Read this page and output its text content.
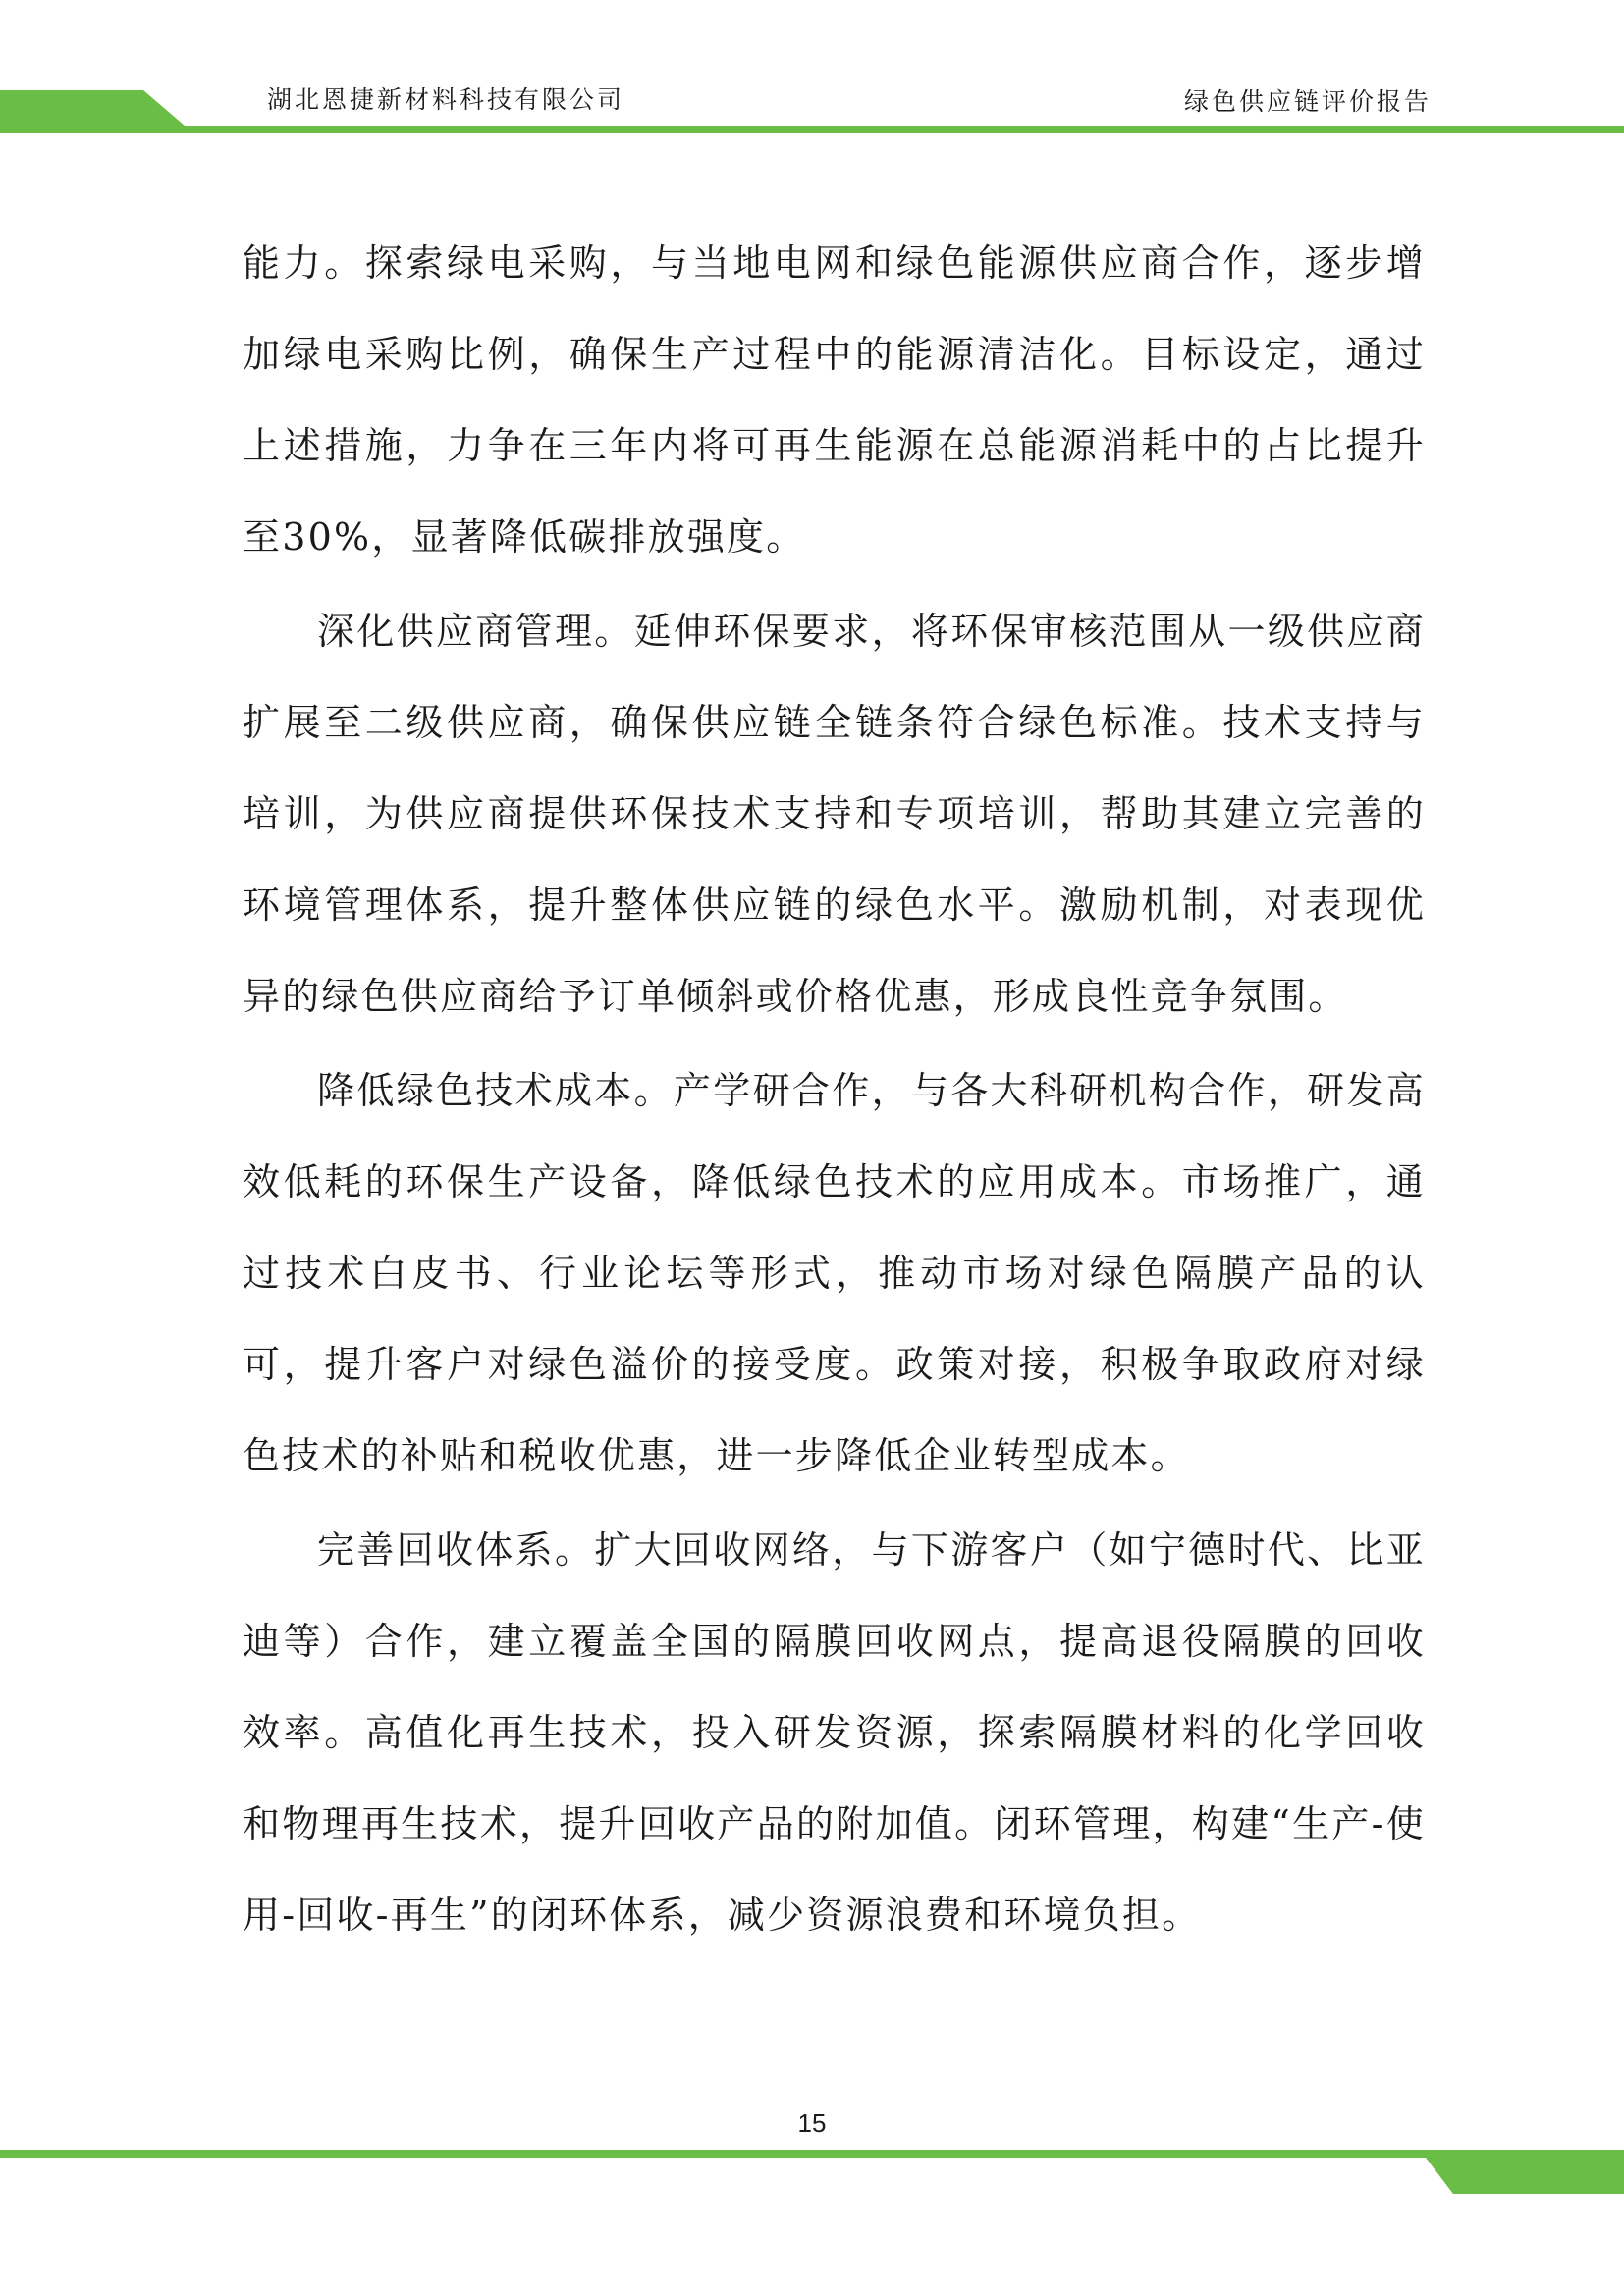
湖北恩捷新材料科技有限公司	绿色供应链评价报告

能力。探索绿电采购，与当地电网和绿色能源供应商合作，逐步增加绿电采购比例，确保生产过程中的能源清洁化。目标设定，通过上述措施，力争在三年内将可再生能源在总能源消耗中的占比提升至30%，显著降低碳排放强度。

深化供应商管理。延伸环保要求，将环保审核范围从一级供应商扩展至二级供应商，确保供应链全链条符合绿色标准。技术支持与培训，为供应商提供环保技术支持和专项培训，帮助其建立完善的环境管理体系，提升整体供应链的绿色水平。激励机制，对表现优异的绿色供应商给予订单倾斜或价格优惠，形成良性竞争氛围。

降低绿色技术成本。产学研合作，与各大科研机构合作，研发高效低耗的环保生产设备，降低绿色技术的应用成本。市场推广，通过技术白皮书、行业论坛等形式，推动市场对绿色隔膜产品的认可，提升客户对绿色溢价的接受度。政策对接，积极争取政府对绿色技术的补贴和税收优惠，进一步降低企业转型成本。

完善回收体系。扩大回收网络，与下游客户（如宁德时代、比亚迪等）合作，建立覆盖全国的隔膜回收网点，提高退役隔膜的回收效率。高值化再生技术，投入研发资源，探索隔膜材料的化学回收和物理再生技术，提升回收产品的附加值。闭环管理，构建“生产-使用-回收-再生”的闭环体系，减少资源浪费和环境负担。

15
